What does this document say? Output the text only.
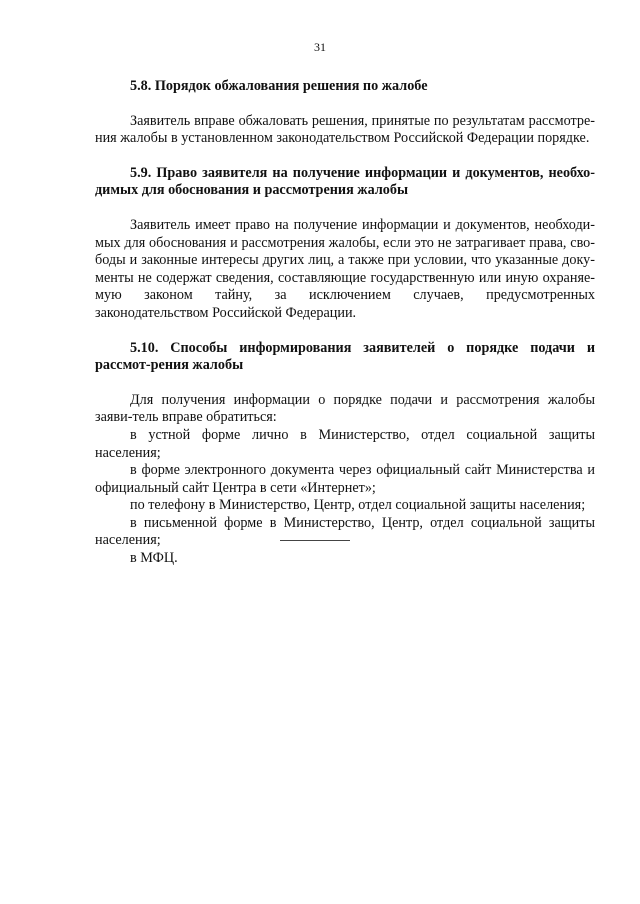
31

5.8. Порядок обжалования решения по жалобе

Заявитель вправе обжаловать решения, принятые по результатам рассмотре-ния жалобы в установленном законодательством Российской Федерации порядке.

5.9. Право заявителя на получение информации и документов, необхо-димых для обоснования и рассмотрения жалобы

Заявитель имеет право на получение информации и документов, необходи-мых для обоснования и рассмотрения жалобы, если это не затрагивает права, сво-боды и законные интересы других лиц, а также при условии, что указанные доку-менты не содержат сведения, составляющие государственную или иную охраняе-мую законом тайну, за исключением случаев, предусмотренных законодательством Российской Федерации.

5.10. Способы информирования заявителей о порядке подачи и рассмот-рения жалобы

Для получения информации о порядке подачи и рассмотрения жалобы заяви-тель вправе обратиться:

в устной форме лично в Министерство, отдел социальной защиты населения;

в форме электронного документа через официальный сайт Министерства и официальный сайт Центра в сети «Интернет»;

по телефону в Министерство, Центр, отдел социальной защиты населения;

в письменной форме в Министерство, Центр, отдел социальной защиты населения;

в МФЦ.
